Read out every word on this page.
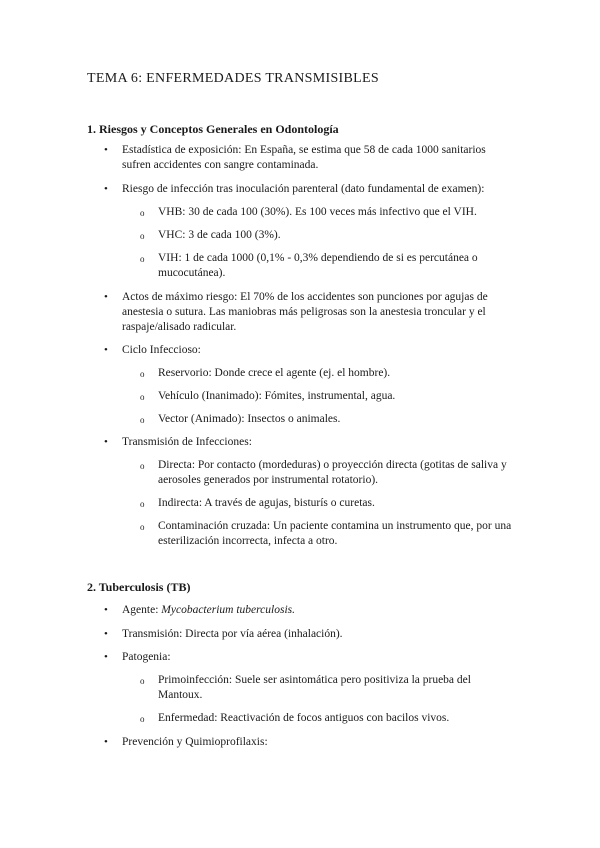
TEMA 6: ENFERMEDADES TRANSMISIBLES
1. Riesgos y Conceptos Generales en Odontología
• Estadística de exposición: En España, se estima que 58 de cada 1000 sanitarios sufren accidentes con sangre contaminada.
• Riesgo de infección tras inoculación parenteral (dato fundamental de examen):
o VHB: 30 de cada 100 (30%). Es 100 veces más infectivo que el VIH.
o VHC: 3 de cada 100 (3%).
o VIH: 1 de cada 1000 (0,1% - 0,3% dependiendo de si es percutánea o mucocutánea).
• Actos de máximo riesgo: El 70% de los accidentes son punciones por agujas de anestesia o sutura. Las maniobras más peligrosas son la anestesia troncular y el raspaje/alisado radicular.
• Ciclo Infeccioso:
o Reservorio: Donde crece el agente (ej. el hombre).
o Vehículo (Inanimado): Fómites, instrumental, agua.
o Vector (Animado): Insectos o animales.
• Transmisión de Infecciones:
o Directa: Por contacto (mordeduras) o proyección directa (gotitas de saliva y aerosoles generados por instrumental rotatorio).
o Indirecta: A través de agujas, bisturís o curetas.
o Contaminación cruzada: Un paciente contamina un instrumento que, por una esterilización incorrecta, infecta a otro.
2. Tuberculosis (TB)
• Agente: Mycobacterium tuberculosis.
• Transmisión: Directa por vía aérea (inhalación).
• Patogenia:
o Primoinfección: Suele ser asintomática pero positiviza la prueba del Mantoux.
o Enfermedad: Reactivación de focos antiguos con bacilos vivos.
• Prevención y Quimioprofilaxis:
